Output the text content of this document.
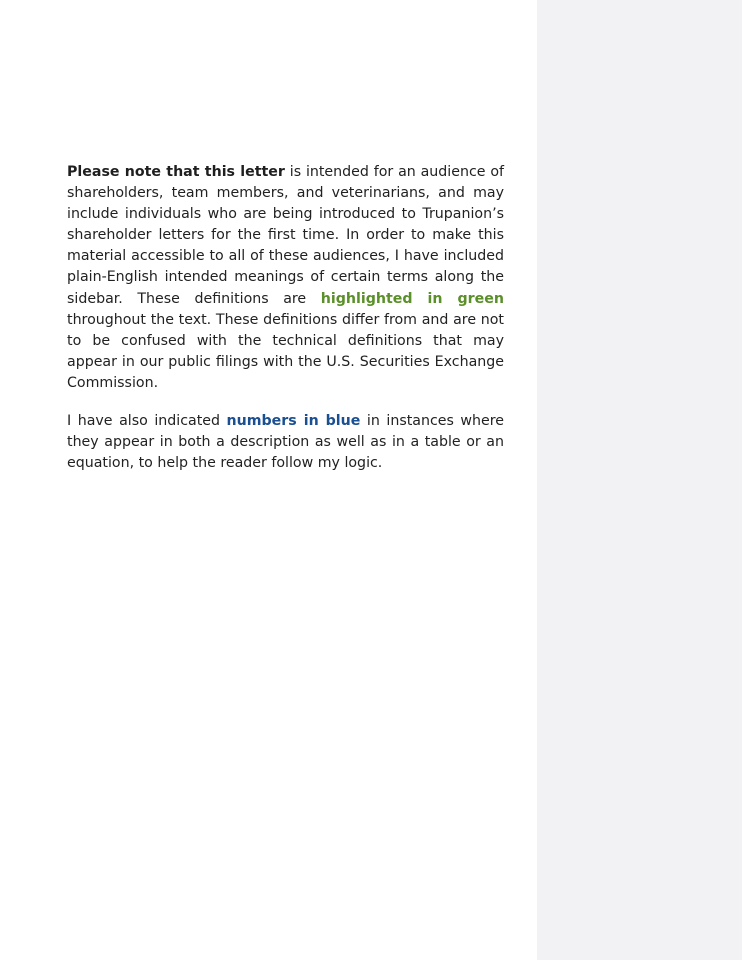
Please note that this letter is intended for an audience of shareholders, team members, and veterinarians, and may include individuals who are being introduced to Trupanion’s shareholder letters for the first time. In order to make this material accessible to all of these audiences, I have included plain-English intended meanings of certain terms along the sidebar. These definitions are highlighted in green throughout the text. These definitions differ from and are not to be confused with the technical definitions that may appear in our public filings with the U.S. Securities Exchange Commission.

I have also indicated numbers in blue in instances where they appear in both a description as well as in a table or an equation, to help the reader follow my logic.
